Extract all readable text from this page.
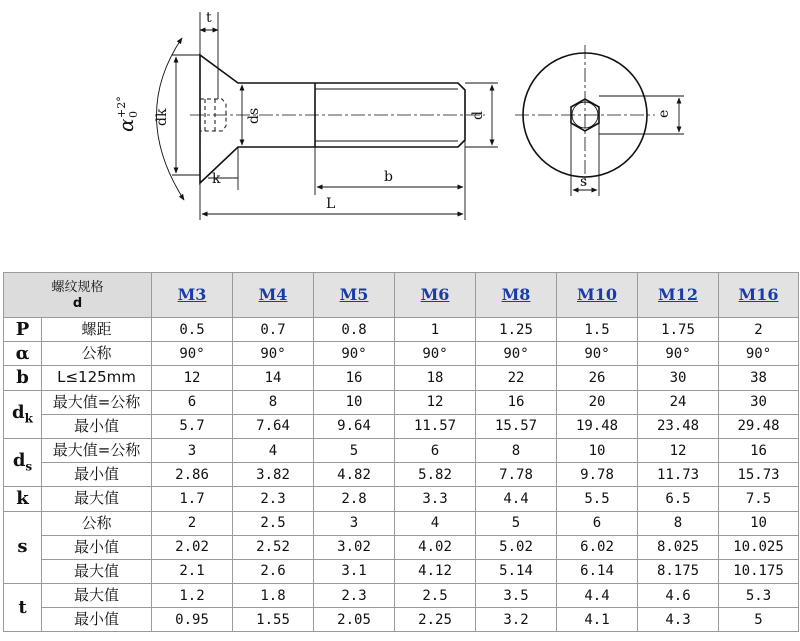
t
α
+2° 0 dk	ds
k	b
L
d	e
s
螺纹规格
d		M3	M4	M5	M6	M8	M10	M12	M16
P	螺距	0.5	0.7	0.8	1	1.25	1.5	1.75	2
α	公称	90°	90°	90°	90°	90°	90°	90°	90°
b	L≤125mm	12	14	16	18	22	26	30	38
$d_k$	最大值=公称	6	8	10	12	16	20	24	30
	最小值	5.7	7.64	9.64	11.57	15.57	19.48	23.48	29.48
$d_s$	最大值=公称	3	4	5	6	8	10	12	16
	最小值	2.86	3.82	4.82	5.82	7.78	9.78	11.73	15.73
k	最大值	1.7	2.3	2.8	3.3	4.4	5.5	6.5	7.5
s	公称	2	2.5	3	4	5	6	8	10
	最小值	2.02	2.52	3.02	4.02	5.02	6.02	8.025	10.025
	最大值	2.1	2.6	3.1	4.12	5.14	6.14	8.175	10.175
t	最大值	1.2	1.8	2.3	2.5	3.5	4.4	4.6	5.3
	最小值	0.95	1.55	2.05	2.25	3.2	4.1	4.3	5
